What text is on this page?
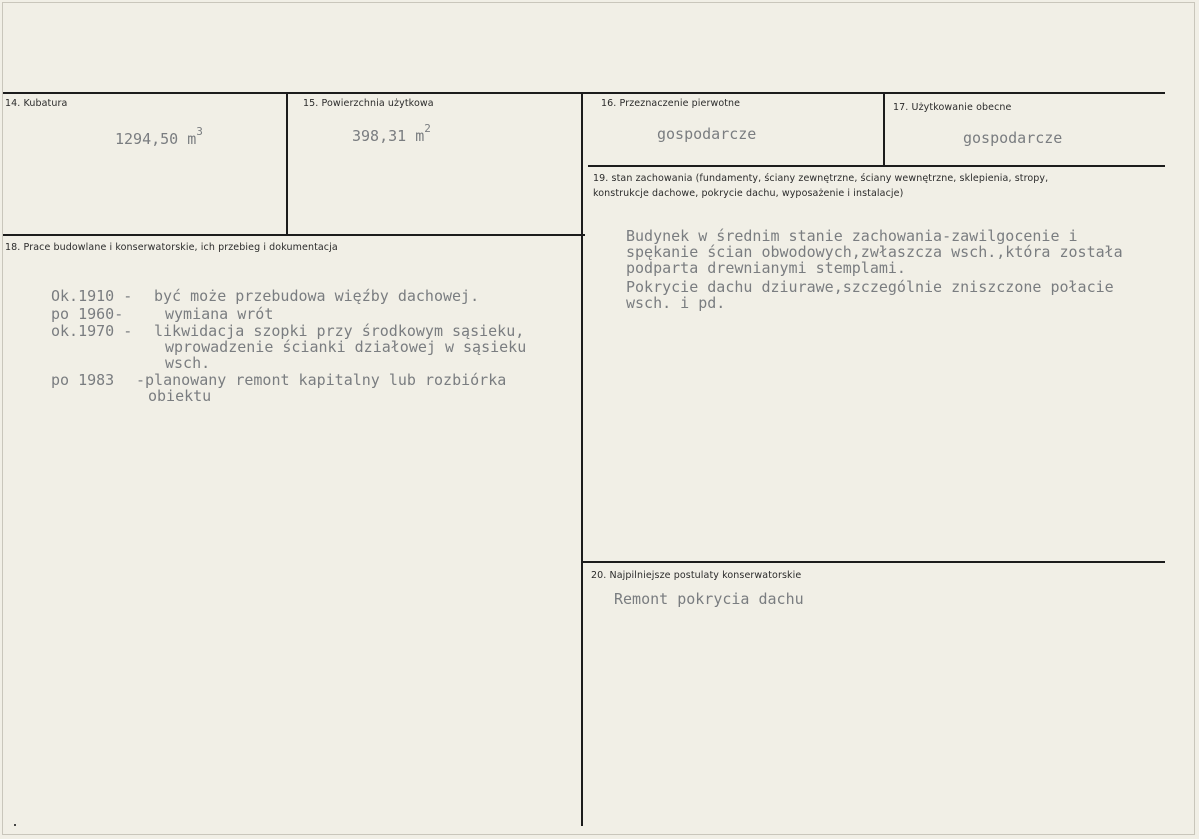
14. Kubatura
1294,50 $m^3$
15. Powierzchnia użytkowa
398,31 $m^2$
16. Przeznaczenie pierwotne
gospodarcze
17. Użytkowanie obecne
gospodarcze
19. stan zachowania (fundamenty, ściany zewnętrzne, ściany wewnętrzne, sklepienia, stropy,
konstrukcje dachowe, pokrycie dachu, wyposażenie i instalacje)
Budynek w średnim stanie zachowania-zawilgocenie i
spękanie ścian obwodowych,zwłaszcza wsch.,która została
podparta drewnianymi stemplami.
Pokrycie dachu dziurawe,szczególnie zniszczone połacie
wsch. i pd.
18. Prace budowlane i konserwatorskie, ich przebieg i dokumentacja
Ok.1910 - być może przebudowa więźby dachowej.
po 1960-	wymiana wrót
ok.1970 - likwidacja szopki przy środkowym sąsieku,
wprowadzenie ścianki działowej w sąsieku
wsch.
po 1983 -planowany remont kapitalny lub rozbiórka
obiektu
20. Najpilniejsze postulaty konserwatorskie
Remont pokrycia dachu
